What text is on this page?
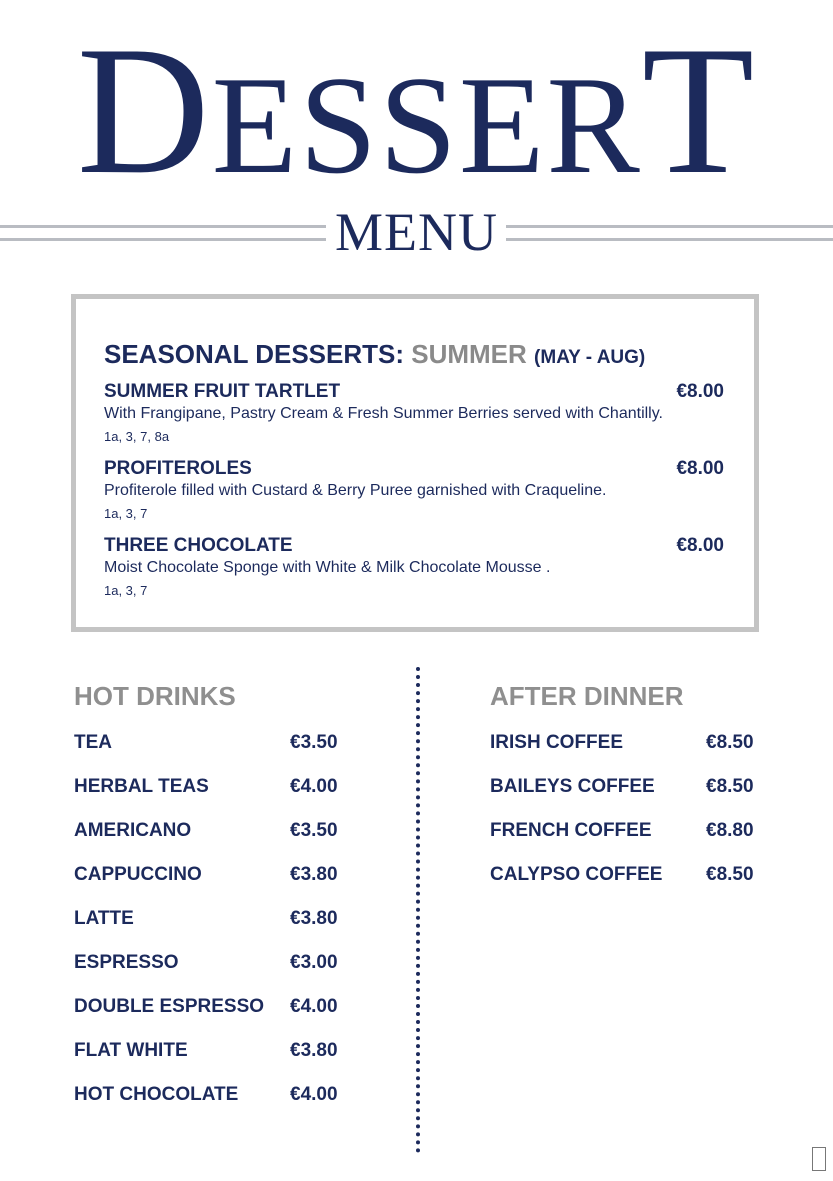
DESSERT
MENU
SEASONAL DESSERTS: SUMMER (MAY - AUG)
SUMMER FRUIT TARTLET	€8.00
With Frangipane, Pastry Cream & Fresh Summer Berries served with Chantilly.
1a, 3, 7, 8a
PROFITEROLES	€8.00
Profiterole filled with Custard & Berry Puree garnished with Craqueline.
1a, 3, 7
THREE CHOCOLATE	€8.00
Moist Chocolate Sponge with White & Milk Chocolate Mousse .
1a, 3, 7
HOT DRINKS
TEA	€3.50
HERBAL TEAS	€4.00
AMERICANO	€3.50
CAPPUCCINO	€3.80
LATTE	€3.80
ESPRESSO	€3.00
DOUBLE ESPRESSO €4.00
FLAT WHITE	€3.80
HOT CHOCOLATE	€4.00
AFTER DINNER
IRISH COFFEE	€8.50
BAILEYS COFFEE	€8.50
FRENCH COFFEE	€8.80
CALYPSO COFFEE €8.50
